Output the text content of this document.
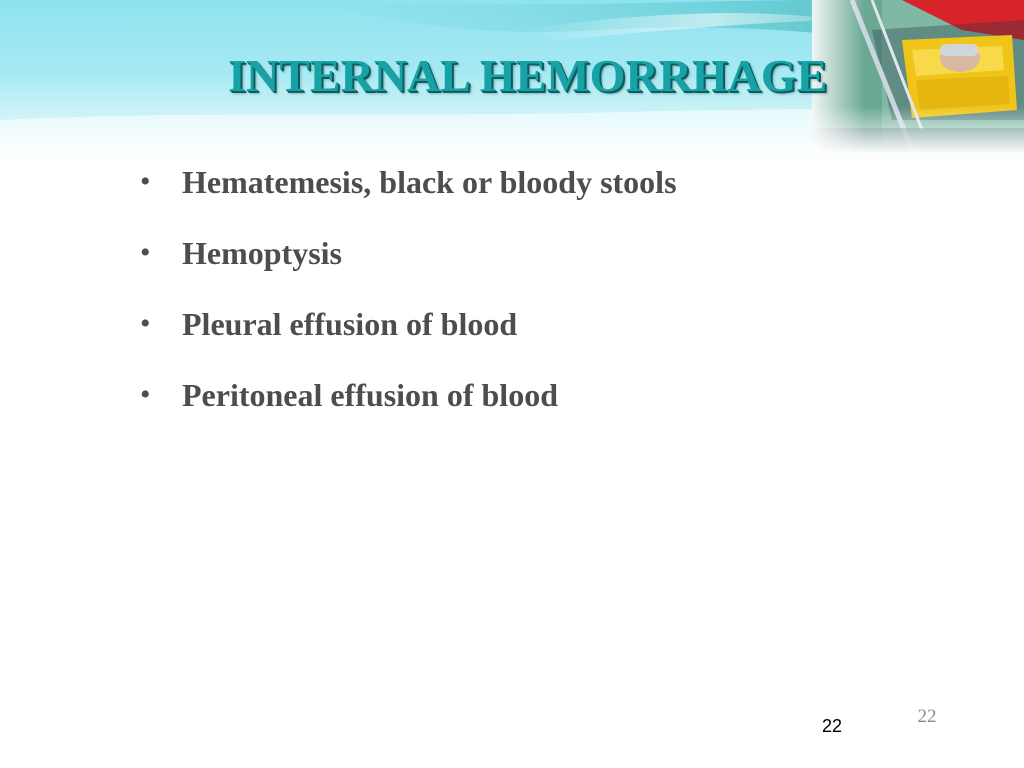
INTERNAL HEMORRHAGE
• Hematemesis, black or bloody stools
• Hemoptysis
• Pleural effusion of blood
• Peritoneal effusion of blood
22
22
